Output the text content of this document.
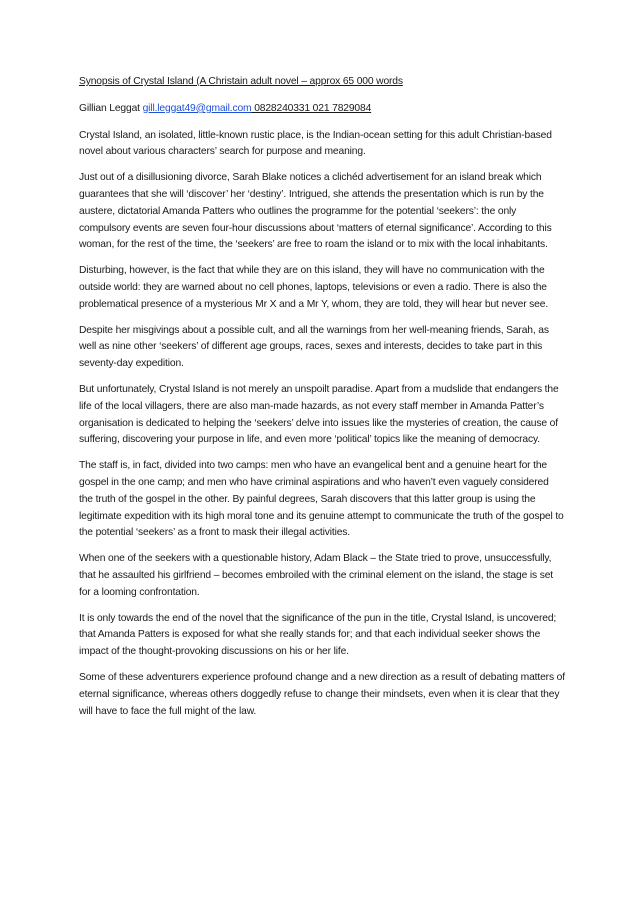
Synopsis of Crystal Island (A Christain adult novel – approx 65 000 words

Gillian Leggat gill.leggat49@gmail.com 0828240331 021 7829084

Crystal Island, an isolated, little-known rustic place, is the Indian-ocean setting for this adult Christian-based novel about various characters’ search for purpose and meaning.

Just out of a disillusioning divorce, Sarah Blake notices a clichéd advertisement for an island break which guarantees that she will ‘discover’ her ‘destiny’. Intrigued, she attends the presentation which is run by the austere, dictatorial Amanda Patters who outlines the programme for the potential ‘seekers’: the only compulsory events are seven four-hour discussions about ‘matters of eternal significance’. According to this woman, for the rest of the time, the ‘seekers’ are free to roam the island or to mix with the local inhabitants.

Disturbing, however, is the fact that while they are on this island, they will have no communication with the outside world: they are warned about no cell phones, laptops, televisions or even a radio. There is also the problematical presence of a mysterious Mr X and a Mr Y, whom, they are told, they will hear but never see.

Despite her misgivings about a possible cult, and all the warnings from her well-meaning friends, Sarah, as well as nine other ‘seekers’ of different age groups, races, sexes and interests, decides to take part in this seventy-day expedition.

But unfortunately, Crystal Island is not merely an unspoilt paradise. Apart from a mudslide that endangers the life of the local villagers, there are also man-made hazards, as not every staff member in Amanda Patter’s organisation is dedicated to helping the ‘seekers’ delve into issues like the mysteries of creation, the cause of suffering, discovering your purpose in life, and even more ‘political’ topics like the meaning of democracy.

The staff is, in fact, divided into two camps: men who have an evangelical bent and a genuine heart for the gospel in the one camp; and men who have criminal aspirations and who haven’t even vaguely considered the truth of the gospel in the other. By painful degrees, Sarah discovers that this latter group is using the legitimate expedition with its high moral tone and its genuine attempt to communicate the truth of the gospel to the potential ‘seekers’ as a front to mask their illegal activities.

When one of the seekers with a questionable history, Adam Black – the State tried to prove, unsuccessfully, that he assaulted his girlfriend – becomes embroiled with the criminal element on the island, the stage is set for a looming confrontation.

It is only towards the end of the novel that the significance of the pun in the title, Crystal Island, is uncovered; that Amanda Patters is exposed for what she really stands for; and that each individual seeker shows the impact of the thought-provoking discussions on his or her life.

Some of these adventurers experience profound change and a new direction as a result of debating matters of eternal significance, whereas others doggedly refuse to change their mindsets, even when it is clear that they will have to face the full might of the law.
